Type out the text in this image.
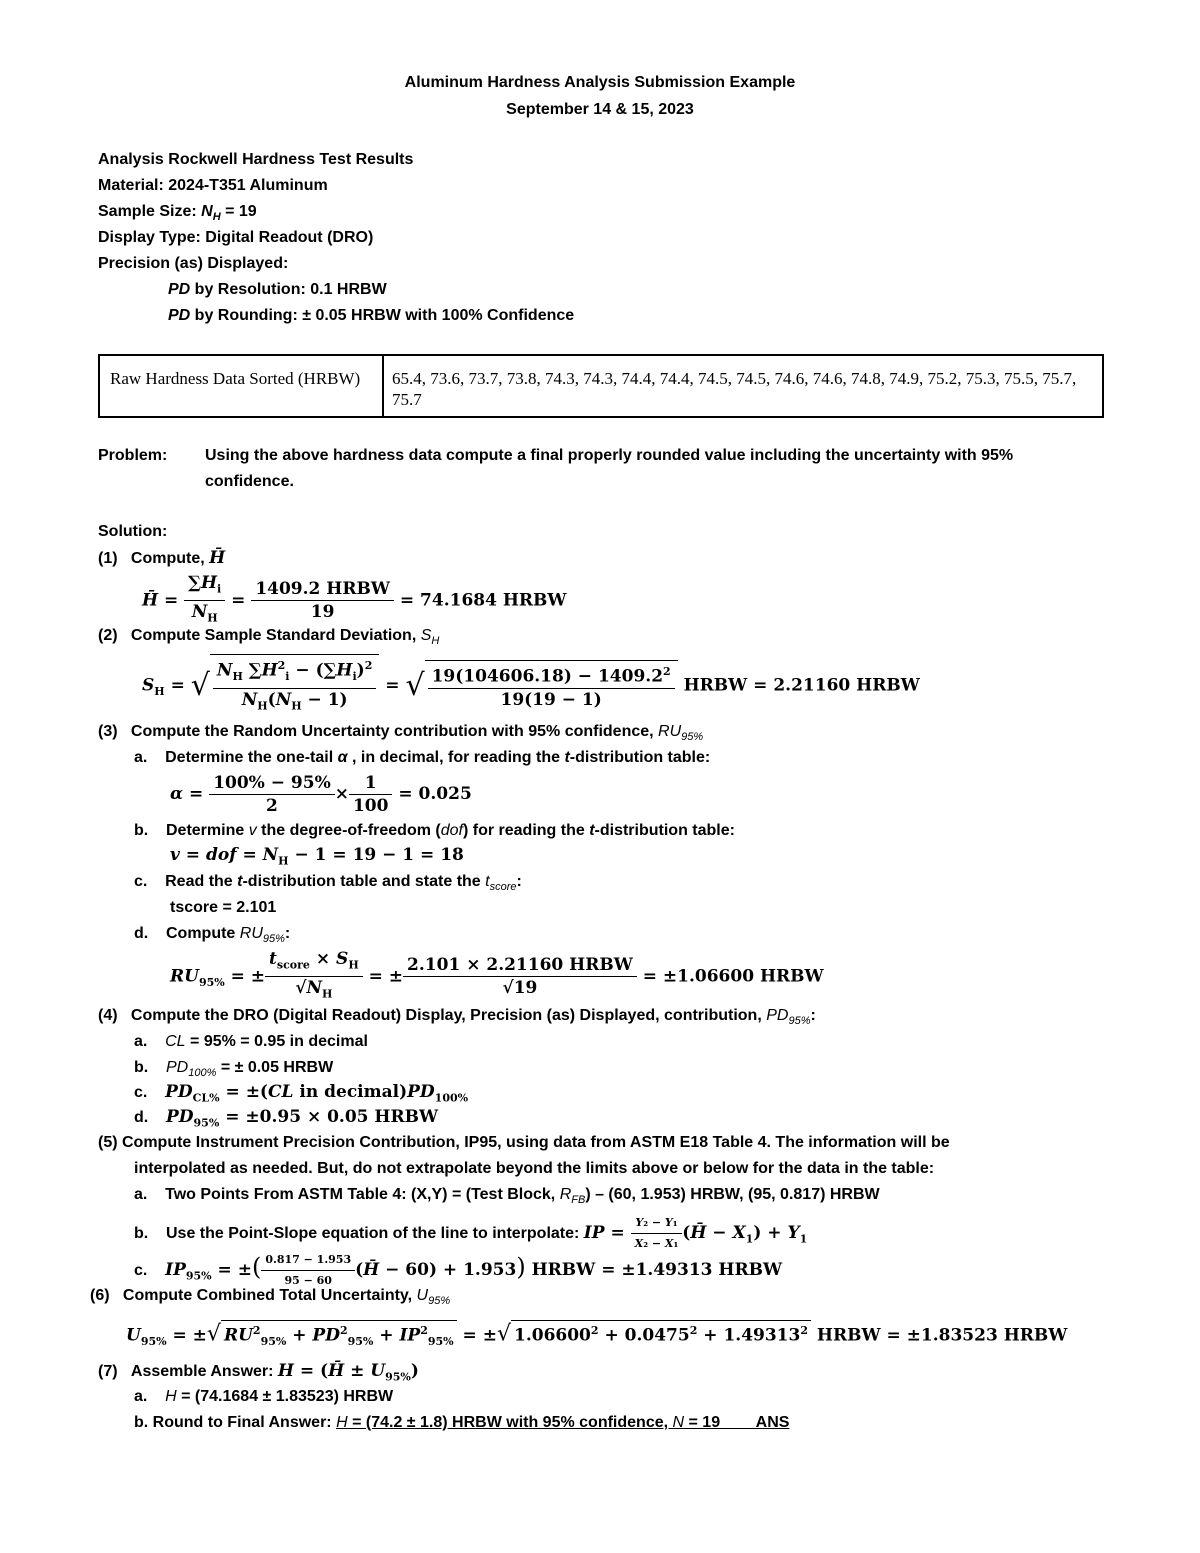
Aluminum Hardness Analysis Submission Example
September 14 & 15, 2023
Analysis Rockwell Hardness Test Results
Material: 2024-T351 Aluminum
Sample Size: $N_H = 19$
Display Type: Digital Readout (DRO)
Precision (as) Displayed:
PD by Resolution: 0.1 HRBW
PD by Rounding: ± 0.05 HRBW with 100% Confidence
Raw Hardness Data Sorted (HRBW)	65.4, 73.6, 73.7, 73.8, 74.3, 74.3, 74.4, 74.4, 74.5, 74.5, 74.6, 74.6, 74.8, 74.9, 75.2, 75.3, 75.5, 75.7, 75.7
Problem: Using the above hardness data compute a final properly rounded value including the uncertainty with 95%
confidence.
Solution:
(1)   Compute, H̄
H̄ = $\frac{\sum H_i}{N_H} = \frac{\text{1409.2 HRBW}}{19} = 74.1684$ HRBW
(2)   Compute Sample Standard Deviation, $S_H$
$S_H$ = √ $\frac{N_H \sum H^2_i - (\sum H_i)^2}{N_H(N_H - 1)}$ = √ $\frac{19(104606.18) - 1409.2^2}{19(19 - 1)}$ HRBW = 2.21160 HRBW
(3)   Compute the Random Uncertainty contribution with 95% confidence, $RU_{95\%}$
a.    Determine the one-tail α , in decimal, for reading the t-distribution table:
$\alpha = \frac{100\% - 95\%}{2} \times \frac{1}{100} = 0.025$
b.    Determine v the degree-of-freedom (dof) for reading the t-distribution table:
v = dof = $N_H - 1 = 19 - 1 = 18$
c.    Read the t-distribution table and state the $t_{score}$:
tscore = 2.101
d.    Compute $RU_{95\%}$:
$RU_{95\%}$ = ± $\frac{t_{score} \times S_H}{√N_H}$ = ± $\frac{\text{2.101 × 2.21160 HRBW}}{√19} = \pm 1.06600$ HRBW
(4)   Compute the DRO (Digital Readout) Display, Precision (as) Displayed, contribution, $PD_{95\%}$:
a.    CL = 95% = 0.95 in decimal
b.    $PD_{100\%}$ = ± 0.05 HRBW
c.    $PD_{CL\%} = \pm(CL$ in $decimal)PD_{100\%}$
d.    $PD_{95\%} = \pm 0.95 \times 0.05$ HRBW
(5) Compute Instrument Precision Contribution, IP95, using data from ASTM E18 Table 4. The information will be
interpolated as needed. But, do not extrapolate beyond the limits above or below for the data in the table:
a.    Two Points From ASTM Table 4: (X,Y) = (Test Block, $R_{FB}) - (60$, 1.953) HRBW, (95, 0.817) HRBW
b.    Use the Point-Slope equation of the line to interpolate: IP = $\frac{\text{Y₂ − Y₁}}{\text{X₂ − X₁}}$ (H̄ − $X_1) + Y_1$
c.    $IP_{95\%}$ = ±( $\frac{0.817 - 1.953}{95 - 60}$ (H̄ − 60) + 1.953) HRBW = ±1.49313 HRBW
(6)   Compute Combined Total Uncertainty, $U_{95\%}$
$U_{95\%}$ = ±√ $RU^2_{95\%} + PD^2_{95\%} + IP^2_{95\%}$ = ±√ $1.06600^2 + 0.0475^2 + 1.49313^2$ HRBW = ±1.83523 HRBW
(7)   Assemble Answer: H = (H̄ ± $U_{95\%}$)
a.    H = (74.1684 ± 1.83523) HRBW
b. Round to Final Answer: H = (74.2 ± 1.8) HRBW with 95% confidence, N = 19        ANS
